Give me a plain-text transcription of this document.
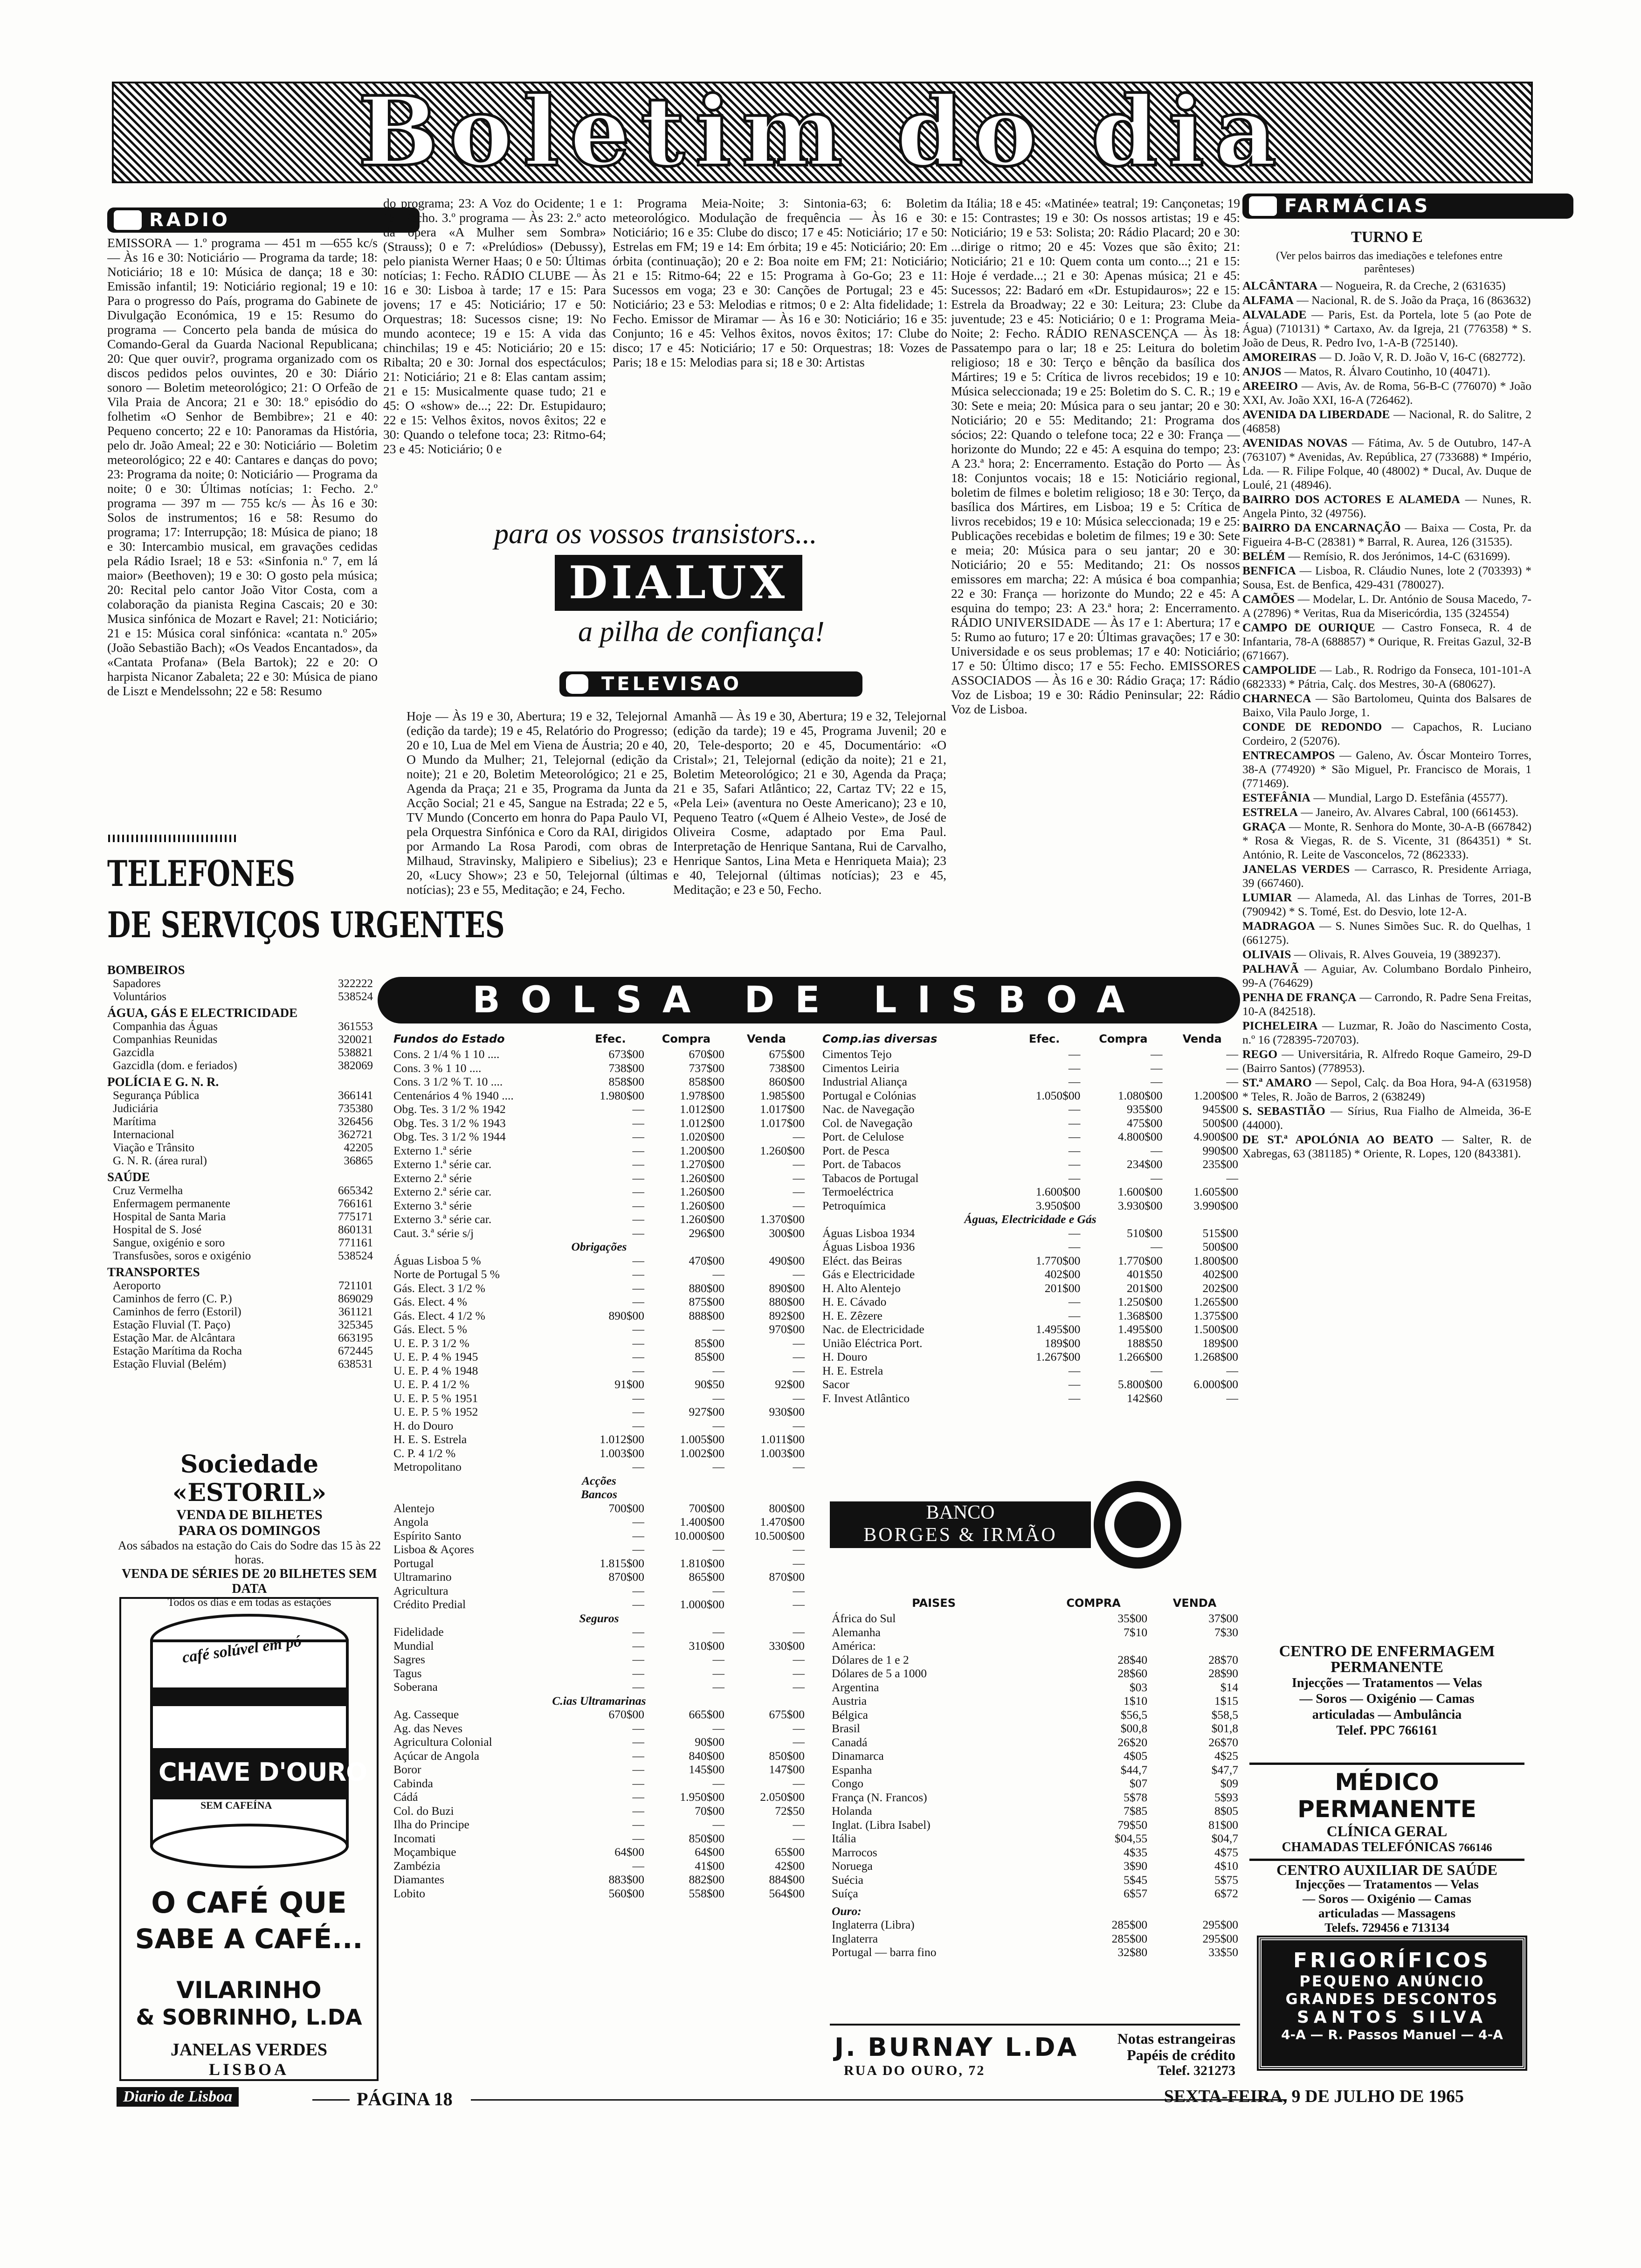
Boletim do dia
RADIO

EMISSORA — 1.º programa — 451 m —655 kc/s — Às 16 e 30: Noticiário — Programa da tarde; 18: Noticiário; 18 e 10: Música de dança; 18 e 30: Emissão infantil; 19: Noticiário regional; 19 e 10: Para o progresso do País, programa do Gabinete de Divulgação Económica, 19 e 15: Resumo do programa — Concerto pela banda de música do Comando-Geral da Guarda Nacional Republicana; 20: Que quer ouvir?, programa organizado com os discos pedidos pelos ouvintes, 20 e 30: Diário sonoro — Boletim meteorológico; 21: O Orfeão de Vila Praia de Ancora; 21 e 30: 18.º episódio do folhetim «O Senhor de Bembibre»; 21 e 40: Pequeno concerto; 22 e 10: Panoramas da História, pelo dr. João Ameal; 22 e 30: Noticiário — Boletim meteorológico; 22 e 40: Cantares e danças do povo; 23: Programa da noite; 0: Noticiário — Programa da noite; 0 e 30: Últimas notícias; 1: Fecho. 2.º programa — 397 m — 755 kc/s — Às 16 e 30: Solos de instrumentos; 16 e 58: Resumo do programa; 17: Interrupção; 18: Música de piano; 18 e 30: Intercambio musical, em gravações cedidas pela Rádio Israel; 18 e 53: «Sinfonia n.º 7, em lá maior» (Beethoven); 19 e 30: O gosto pela música; 20: Recital pelo cantor João Vitor Costa, com a colaboração da pianista Regina Cascais; 20 e 30: Musica sinfónica de Mozart e Ravel; 21: Noticiário; 21 e 15: Música coral sinfónica: «cantata n.º 205» (João Sebastião Bach); «Os Veados Encantados», da «Cantata Profana» (Bela Bartok); 22 e 20: O harpista Nicanor Zabaleta; 22 e 30: Música de piano de Liszt e Mendelssohn; 22 e 58: Resumo

do programa; 23: A Voz do Ocidente; 1 e 15: Fecho. 3.º programa — Às 23: 2.º acto da ópera «A Mulher sem Sombra» (Strauss); 0 e 7: «Prelúdios» (Debussy), pelo pianista Werner Haas; 0 e 50: Últimas notícias; 1: Fecho. RÁDIO CLUBE — Às 16 e 30: Lisboa à tarde; 17 e 15: Para jovens; 17 e 45: Noticiário; 17 e 50: Orquestras; 18: Sucessos cisne; 19: No mundo acontece; 19 e 15: A vida das chinchilas; 19 e 45: Noticiário; 20 e 15: Ribalta; 20 e 30: Jornal dos espectáculos; 21: Noticiário; 21 e 8: Elas cantam assim; 21 e 15: Musicalmente quase tudo; 21 e 45: O «show» de...; 22: Dr. Estupidauro; 22 e 15: Velhos êxitos, novos êxitos; 22 e 30: Quando o telefone toca; 23: Ritmo-64; 23 e 45: Noticiário; 0 e

1: Programa Meia-Noite; 3: Sintonia-63; 6: Boletim meteorológico. Modulação de frequência — Às 16 e 30: Noticiário; 16 e 35: Clube do disco; 17 e 45: Noticiário; 17 e 50: Estrelas em FM; 19 e 14: Em órbita; 19 e 45: Noticiário; 20: Em órbita (continuação); 20 e 2: Boa noite em FM; 21: Noticiário; 21 e 15: Ritmo-64; 22 e 15: Programa à Go-Go; 23 e 11: Sucessos em voga; 23 e 30: Canções de Portugal; 23 e 45: Noticiário; 23 e 53: Melodias e ritmos; 0 e 2: Alta fidelidade; 1: Fecho. Emissor de Miramar — Às 16 e 30: Noticiário; 16 e 35: Conjunto; 16 e 45: Velhos êxitos, novos êxitos; 17: Clube do disco; 17 e 45: Noticiário; 17 e 50: Orquestras; 18: Vozes de Paris; 18 e 15: Melodias para si; 18 e 30: Artistas

da Itália; 18 e 45: «Matinée» teatral; 19: Cançonetas; 19 e 15: Contrastes; 19 e 30: Os nossos artistas; 19 e 45: Noticiário; 19 e 53: Solista; 20: Rádio Placard; 20 e 30: ...dirige o ritmo; 20 e 45: Vozes que são êxito; 21: Noticiário; 21 e 10: Quem conta um conto...; 21 e 15: Hoje é verdade...; 21 e 30: Apenas música; 21 e 45: Sucessos; 22: Badaró em «Dr. Estupidauros»; 22 e 15: Estrela da Broadway; 22 e 30: Leitura; 23: Clube da juventude; 23 e 45: Noticiário; 0 e 1: Programa Meia-Noite; 2: Fecho. RÁDIO RENASCENÇA — Às 18: Passatempo para o lar; 18 e 25: Leitura do boletim religioso; 18 e 30: Terço e bênção da basílica dos Mártires; 19 e 5: Crítica de livros recebidos; 19 e 10: Música seleccionada; 19 e 25: Boletim do S. C. R.; 19 e 30: Sete e meia; 20: Música para o seu jantar; 20 e 30: Noticiário; 20 e 55: Meditando; 21: Programa dos sócios; 22: Quando o telefone toca; 22 e 30: França — horizonte do Mundo; 22 e 45: A esquina do tempo; 23: A 23.ª hora; 2: Encerramento. Estação do Porto — Às 18: Conjuntos vocais; 18 e 15: Noticiário regional, boletim de filmes e boletim religioso; 18 e 30: Terço, da basílica dos Mártires, em Lisboa; 19 e 5: Crítica de livros recebidos; 19 e 10: Música seleccionada; 19 e 25: Publicações recebidas e boletim de filmes; 19 e 30: Sete e meia; 20: Música para o seu jantar; 20 e 30: Noticiário; 20 e 55: Meditando; 21: Os nossos emissores em marcha; 22: A música é boa companhia; 22 e 30: França — horizonte do Mundo; 22 e 45: A esquina do tempo; 23: A 23.ª hora; 2: Encerramento. RÁDIO UNIVERSIDADE — Às 17 e 1: Abertura; 17 e 5: Rumo ao futuro; 17 e 20: Últimas gravações; 17 e 30: Universidade e os seus problemas; 17 e 40: Noticiário; 17 e 50: Último disco; 17 e 55: Fecho. EMISSORES ASSOCIADOS — Às 16 e 30: Rádio Graça; 17: Rádio Voz de Lisboa; 19 e 30: Rádio Peninsular; 22: Rádio Voz de Lisboa.

para os vossos transistors...
DIALUX
a pilha de confiança!
TELEVISAO

Hoje — Às 19 e 30, Abertura; 19 e 32, Telejornal (edição da tarde); 19 e 45, Relatório do Progresso; 20 e 10, Lua de Mel em Viena de Áustria; 20 e 40, O Mundo da Mulher; 21, Telejornal (edição da noite); 21 e 20, Boletim Meteorológico; 21 e 25, Agenda da Praça; 21 e 35, Programa da Junta da Acção Social; 21 e 45, Sangue na Estrada; 22 e 5, TV Mundo (Concerto em honra do Papa Paulo VI, pela Orquestra Sinfónica e Coro da RAI, dirigidos por Armando La Rosa Parodi, com obras de Milhaud, Stravinsky, Malipiero e Sibelius); 23 e 20, «Lucy Show»; 23 e 50, Telejornal (últimas notícias); 23 e 55, Meditação; e 24, Fecho.

Amanhã — Às 19 e 30, Abertura; 19 e 32, Telejornal (edição da tarde); 19 e 45, Programa Juvenil; 20 e 20, Tele-desporto; 20 e 45, Documentário: «O Cristal»; 21, Telejornal (edição da noite); 21 e 21, Boletim Meteorológico; 21 e 30, Agenda da Praça; 21 e 35, Safari Atlântico; 22, Cartaz TV; 22 e 15, «Pela Lei» (aventura no Oeste Americano); 23 e 10, Pequeno Teatro («Quem é Alheio Veste», de José de Oliveira Cosme, adaptado por Ema Paul. Interpretação de Henrique Santana, Rui de Carvalho, Henrique Santos, Lina Meta e Henriqueta Maia); 23 e 40, Telejornal (últimas notícias); 23 e 45, Meditação; e 23 e 50, Fecho.

TELEFONES
DE SERVIÇOS URGENTES
BOMBEIROS
Sapadores	322222
Voluntários	538524
ÁGUA, GÁS E ELECTRICIDADE
Companhia das Águas	361553
Companhias Reunidas	320021
Gazcidla	538821
Gazcidla (dom. e feriados)	382069
POLÍCIA E G. N. R.
Segurança Pública	366141
Judiciária	735380
Marítima	326456
Internacional	362721
Viação e Trânsito	42205
G. N. R. (área rural)	36865
SAÚDE
Cruz Vermelha	665342
Enfermagem permanente	766161
Hospital de Santa Maria	775171
Hospital de S. José	860131
Sangue, oxigénio e soro	771161
Transfusões, soros e oxigénio	538524
TRANSPORTES
Aeroporto	721101
Caminhos de ferro (C. P.)	869029
Caminhos de ferro (Estoril)	361121
Estação Fluvial (T. Paço)	325345
Estação Mar. de Alcântara	663195
Estação Marítima da Rocha	672445
Estação Fluvial (Belém)	638531
Sociedade «ESTORIL»
VENDA DE BILHETES
PARA OS DOMINGOS
Aos sábados na estação do Cais do Sodre das 15 às 22 horas.
VENDA DE SÉRIES DE 20 BILHETES SEM DATA
Todos os dias e em todas as estações
café solúvel em pó
CHAVE D'OURO
SEM CAFEÍNA
O CAFÉ QUE
SABE A CAFÉ...
VILARINHO
& SOBRINHO, L.DA
JANELAS VERDES
LISBOA
BOLSA DE LISBOA
Fundos do Estado	Efec.	Compra	Venda
Cons. 2 1/4 % 1 10 ....	673$00	670$00	675$00
Cons. 3 % 1 10 ....	738$00	737$00	738$00
Cons. 3 1/2 % T. 10 ....	858$00	858$00	860$00
Centenários 4 % 1940 ....	1.980$00	1.978$00	1.985$00
Obg. Tes. 3 1/2 % 1942	—	1.012$00	1.017$00
Obg. Tes. 3 1/2 % 1943	—	1.012$00	1.017$00
Obg. Tes. 3 1/2 % 1944	—	1.020$00	—
Externo 1.ª série	—	1.200$00	1.260$00
Externo 1.ª série car.	—	1.270$00	—
Externo 2.ª série	—	1.260$00	—
Externo 2.ª série car.	—	1.260$00	—
Externo 3.ª série	—	1.260$00	—
Externo 3.ª série car.	—	1.260$00	1.370$00
Caut. 3.ª série s/j	—	296$00	300$00
Obrigações			
Águas Lisboa 5 %	—	470$00	490$00
Norte de Portugal 5 %	—	—	—
Gás. Elect. 3 1/2 %	—	880$00	890$00
Gás. Elect. 4 %	—	875$00	880$00
Gás. Elect. 4 1/2 %	890$00	888$00	892$00
Gás. Elect. 5 %	—	—	970$00
U. E. P. 3 1/2 %	—	85$00	—
U. E. P. 4 % 1945	—	85$00	—
U. E. P. 4 % 1948	—	—	—
U. E. P. 4 1/2 %	91$00	90$50	92$00
U. E. P. 5 % 1951	—	—	—
U. E. P. 5 % 1952	—	927$00	930$00
H. do Douro	—	—	—
H. E. S. Estrela	1.012$00	1.005$00	1.011$00
C. P. 4 1/2 %	1.003$00	1.002$00	1.003$00
Metropolitano	—	—	—
Acções			
Bancos			
Alentejo	700$00	700$00	800$00
Angola	—	1.400$00	1.470$00
Espírito Santo	—	10.000$00	10.500$00
Lisboa & Açores	—	—	—
Portugal	1.815$00	1.810$00	—
Ultramarino	870$00	865$00	870$00
Agricultura	—	—	—
Crédito Predial	—	1.000$00	—
Seguros			
Fidelidade	—	—	—
Mundial	—	310$00	330$00
Sagres	—	—	—
Tagus	—	—	—
Soberana	—	—	—
C.ias Ultramarinas			
Ag. Casseque	670$00	665$00	675$00
Ag. das Neves	—	—	—
Agricultura Colonial	—	90$00	—
Açúcar de Angola	—	840$00	850$00
Boror	—	145$00	147$00
Cabinda	—	—	—
Cádá	—	1.950$00	2.050$00
Col. do Buzi	—	70$00	72$50
Ilha do Principe	—	—	—
Incomati	—	850$00	—
Moçambique	64$00	64$00	65$00
Zambézia	—	41$00	42$00
Diamantes	883$00	882$00	884$00
Lobito	560$00	558$00	564$00
Comp.ias diversas	Efec.	Compra	Venda
Cimentos Tejo	—	—	—
Cimentos Leiria	—	—	—
Industrial Aliança	—	—	—
Portugal e Colónias	1.050$00	1.080$00	1.200$00
Nac. de Navegação	—	935$00	945$00
Col. de Navegação	—	475$00	500$00
Port. de Celulose	—	4.800$00	4.900$00
Port. de Pesca	—	—	990$00
Port. de Tabacos	—	234$00	235$00
Tabacos de Portugal	—	—	—
Termoeléctrica	1.600$00	1.600$00	1.605$00
Petroquímica	3.950$00	3.930$00	3.990$00
Águas, Electricidade e Gás			
Águas Lisboa 1934	—	510$00	515$00
Águas Lisboa 1936	—	—	500$00
Eléct. das Beiras	1.770$00	1.770$00	1.800$00
Gás e Electricidade	402$00	401$50	402$00
H. Alto Alentejo	201$00	201$00	202$00
H. E. Cávado	—	1.250$00	1.265$00
H. E. Zêzere	—	1.368$00	1.375$00
Nac. de Electricidade	1.495$00	1.495$00	1.500$00
União Eléctrica Port.	189$00	188$50	189$00
H. Douro	1.267$00	1.266$00	1.268$00
H. E. Estrela	—	—	—
Sacor	—	5.800$00	6.000$00
F. Invest Atlântico	—	142$60	—
BANCO
BORGES & IRMÃO
PAISES	COMPRA	VENDA
África do Sul	35$00	37$00
Alemanha	7$10	7$30
América:		
Dólares de 1 e 2	28$40	28$70
Dólares de 5 a 1000	28$60	28$90
Argentina	$03	$14
Austria	1$10	1$15
Bélgica	$56,5	$58,5
Brasil	$00,8	$01,8
Canadá	26$20	26$70
Dinamarca	4$05	4$25
Espanha	$44,7	$47,7
Congo	$07	$09
França (N. Francos)	5$78	5$93
Holanda	7$85	8$05
Inglat. (Libra Isabel)	79$50	81$00
Itália	$04,55	$04,7
Marrocos	4$35	4$75
Noruega	3$90	4$10
Suécia	5$45	5$75
Suíça	6$57	6$72
Ouro:		
Inglaterra (Libra)	285$00	295$00
Inglaterra	285$00	295$00
Portugal — barra fino	32$80	33$50
J. BURNAY L.DA
RUA DO OURO, 72
Notas estrangeiras
Papéis de crédito
Telef. 321273
FARMÁCIAS
TURNO E
(Ver pelos bairros das imediações e telefones entre parênteses)

ALCÂNTARA — Nogueira, R. da Creche, 2 (631635)

ALFAMA — Nacional, R. de S. João da Praça, 16 (863632)

ALVALADE — Paris, Est. da Portela, lote 5 (ao Pote de Água) (710131) * Cartaxo, Av. da Igreja, 21 (776358) * S. João de Deus, R. Pedro Ivo, 1-A-B (725140).

AMOREIRAS — D. João V, R. D. João V, 16-C (682772).

ANJOS — Matos, R. Álvaro Coutinho, 10 (40471).

AREEIRO — Avis, Av. de Roma, 56-B-C (776070) * João XXI, Av. João XXI, 16-A (726462).

AVENIDA DA LIBERDADE — Nacional, R. do Salitre, 2 (46858)

AVENIDAS NOVAS — Fátima, Av. 5 de Outubro, 147-A (763107) * Avenidas, Av. República, 27 (733688) * Império, Lda. — R. Filipe Folque, 40 (48002) * Ducal, Av. Duque de Loulé, 21 (48946).

BAIRRO DOS ACTORES E ALAMEDA — Nunes, R. Angela Pinto, 32 (49756).

BAIRRO DA ENCARNAÇÃO — Baixa — Costa, Pr. da Figueira 4-B-C (28381) * Barral, R. Aurea, 126 (31535).

BELÉM — Remísio, R. dos Jerónimos, 14-C (631699).

BENFICA — Lisboa, R. Cláudio Nunes, lote 2 (703393) * Sousa, Est. de Benfica, 429-431 (780027).

CAMÕES — Modelar, L. Dr. António de Sousa Macedo, 7-A (27896) * Veritas, Rua da Misericórdia, 135 (324554)

CAMPO DE OURIQUE — Castro Fonseca, R. 4 de Infantaria, 78-A (688857) * Ourique, R. Freitas Gazul, 32-B (671667).

CAMPOLIDE — Lab., R. Rodrigo da Fonseca, 101-101-A (682333) * Pátria, Calç. dos Mestres, 30-A (680627).

CHARNECA — São Bartolomeu, Quinta dos Balsares de Baixo, Vila Paulo Jorge, 1.

CONDE DE REDONDO — Capachos, R. Luciano Cordeiro, 2 (52076).

ENTRECAMPOS — Galeno, Av. Óscar Monteiro Torres, 38-A (774920) * São Miguel, Pr. Francisco de Morais, 1 (771469).

ESTEFÂNIA — Mundial, Largo D. Estefânia (45577).

ESTRELA — Janeiro, Av. Alvares Cabral, 100 (661453).

GRAÇA — Monte, R. Senhora do Monte, 30-A-B (667842) * Rosa & Viegas, R. de S. Vicente, 31 (864351) * St. António, R. Leite de Vasconcelos, 72 (862333).

JANELAS VERDES — Carrasco, R. Presidente Arriaga, 39 (667460).

LUMIAR — Alameda, Al. das Linhas de Torres, 201-B (790942) * S. Tomé, Est. do Desvio, lote 12-A.

MADRAGOA — S. Nunes Simões Suc. R. do Quelhas, 1 (661275).

OLIVAIS — Olivais, R. Alves Gouveia, 19 (389237).

PALHAVÃ — Aguiar, Av. Columbano Bordalo Pinheiro, 99-A (764629)

PENHA DE FRANÇA — Carrondo, R. Padre Sena Freitas, 10-A (842518).

PICHELEIRA — Luzmar, R. João do Nascimento Costa, n.º 16 (728395-720703).

REGO — Universitária, R. Alfredo Roque Gameiro, 29-D (Bairro Santos) (778953).

ST.ª AMARO — Sepol, Calç. da Boa Hora, 94-A (631958) * Teles, R. João de Barros, 2 (638249)

S. SEBASTIÃO — Sírius, Rua Fialho de Almeida, 36-E (44000).

DE ST.ª APOLÓNIA AO BEATO — Salter, R. de Xabregas, 63 (381185) * Oriente, R. Lopes, 120 (843381).

CENTRO DE ENFERMAGEM
PERMANENTE
Injecções — Tratamentos — Velas
— Soros — Oxigénio — Camas
articuladas — Ambulância
Telef. PPC 766161
MÉDICO PERMANENTE
CLÍNICA GERAL
CHAMADAS TELEFÓNICAS 766146
CENTRO AUXILIAR DE SAÚDE
Injecções — Tratamentos — Velas
— Soros — Oxigénio — Camas
articuladas — Massagens
Telefs. 729456 e 713134
FRIGORÍFICOS
PEQUENO ANÚNCIO
GRANDES DESCONTOS
SANTOS SILVA
4-A — R. Passos Manuel — 4-A
Diario de Lisboa	PÁGINA 18	SEXTA-FEIRA, 9 DE JULHO DE 1965
